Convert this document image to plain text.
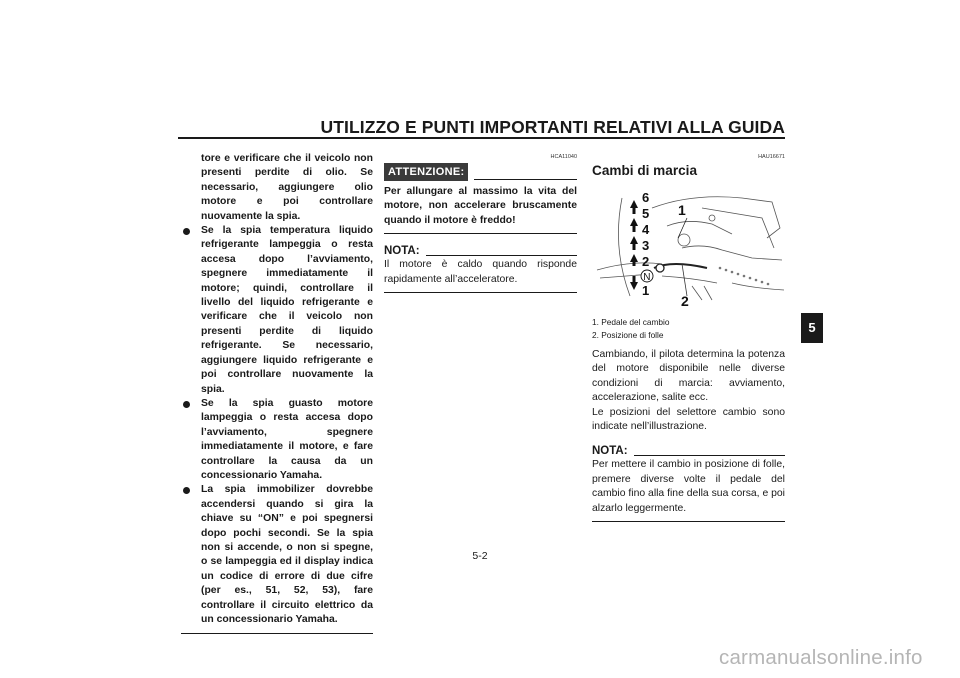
UTILIZZO E PUNTI IMPORTANTI RELATIVI ALLA GUIDA
5

tore e verificare che il veicolo non presenti perdite di olio. Se necessario, aggiungere olio motore e poi controllare nuovamente la spia.

Se la spia temperatura liquido refrigerante lampeggia o resta accesa dopo l’avviamento, spegnere immediatamente il motore; quindi, controllare il livello del liquido refrigerante e verificare che il veicolo non presenti perdite di liquido refrigerante. Se necessario, aggiungere liquido refrigerante e poi controllare nuovamente la spia.
Se la spia guasto motore lampeggia o resta accesa dopo l’avviamento, spegnere immediatamente il motore, e fare controllare la causa da un concessionario Yamaha.
La spia immobilizer dovrebbe accendersi quando si gira la chiave su “ON” e poi spegnersi dopo pochi secondi. Se la spia non si accende, o non si spegne, o se lampeggia ed il display indica un codice di errore di due cifre (per es., 51, 52, 53), fare controllare il circuito elettrico da un concessionario Yamaha.
HCA11040
ATTENZIONE:

Per allungare al massimo la vita del motore, non accelerare bruscamente quando il motore è freddo!

NOTA:

Il motore è caldo quando risponde rapidamente all’acceleratore.

HAU16671
Cambi di marcia
6
5
4
3
2
1
1
2
N
1. Pedale del cambio
2. Posizione di folle

Cambiando, il pilota determina la potenza del motore disponibile nelle diverse condizioni di marcia: avviamento, accelerazione, salite ecc.

Le posizioni del selettore cambio sono indicate nell’illustrazione.

NOTA:

Per mettere il cambio in posizione di folle, premere diverse volte il pedale del cambio fino alla fine della sua corsa, e poi alzarlo leggermente.

5-2
carmanualsonline.info
